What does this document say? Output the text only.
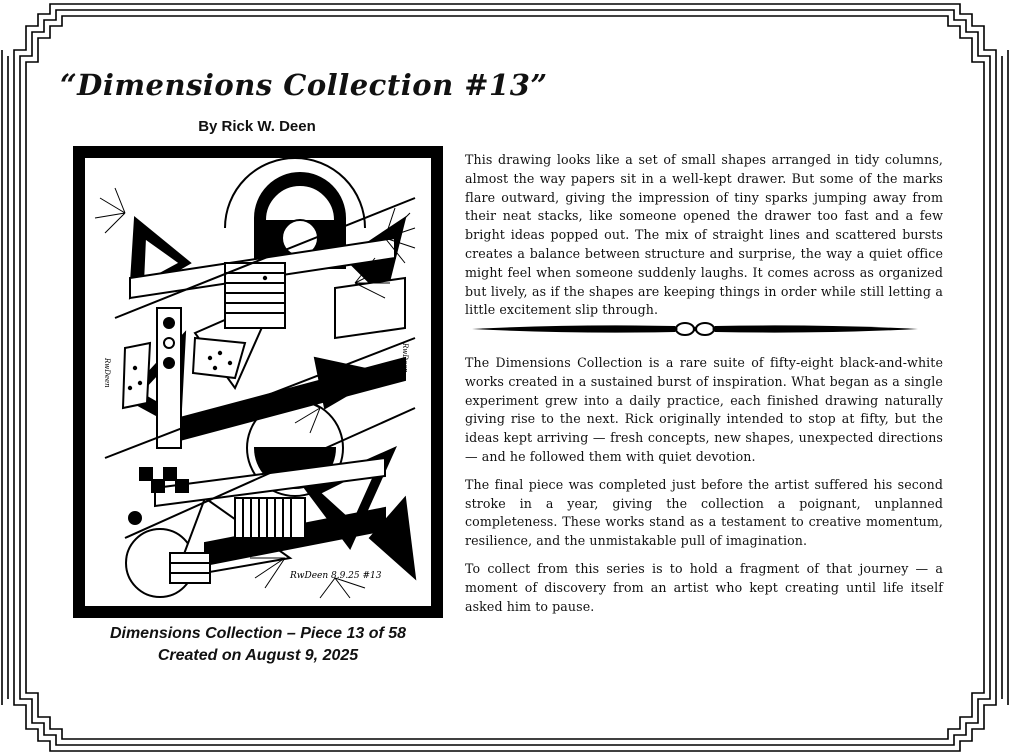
“Dimensions Collection #13”
By Rick W. Deen
RwDeen 8.9.25 #13
RwDeen
RwDeen
Dimensions Collection – Piece 13 of 58
Created on August 9, 2025

This drawing looks like a set of small shapes arranged in tidy columns, almost the way papers sit in a well-kept drawer. But some of the marks flare outward, giving the impression of tiny sparks jumping away from their neat stacks, like someone opened the drawer too fast and a few bright ideas popped out. The mix of straight lines and scattered bursts creates a balance between structure and surprise, the way a quiet office might feel when someone suddenly laughs. It comes across as organized but lively, as if the shapes are keeping things in order while still letting a little excitement slip through.

The Dimensions Collection is a rare suite of fifty-eight black-and-white works created in a sustained burst of inspiration. What began as a single experiment grew into a daily practice, each finished drawing naturally giving rise to the next. Rick originally intended to stop at fifty, but the ideas kept arriving — fresh concepts, new shapes, unexpected directions — and he followed them with quiet devotion.

The final piece was completed just before the artist suffered his second stroke in a year, giving the collection a poignant, unplanned completeness. These works stand as a testament to creative momentum, resilience, and the unmistakable pull of imagination.

To collect from this series is to hold a fragment of that journey — a moment of discovery from an artist who kept creating until life itself asked him to pause.
